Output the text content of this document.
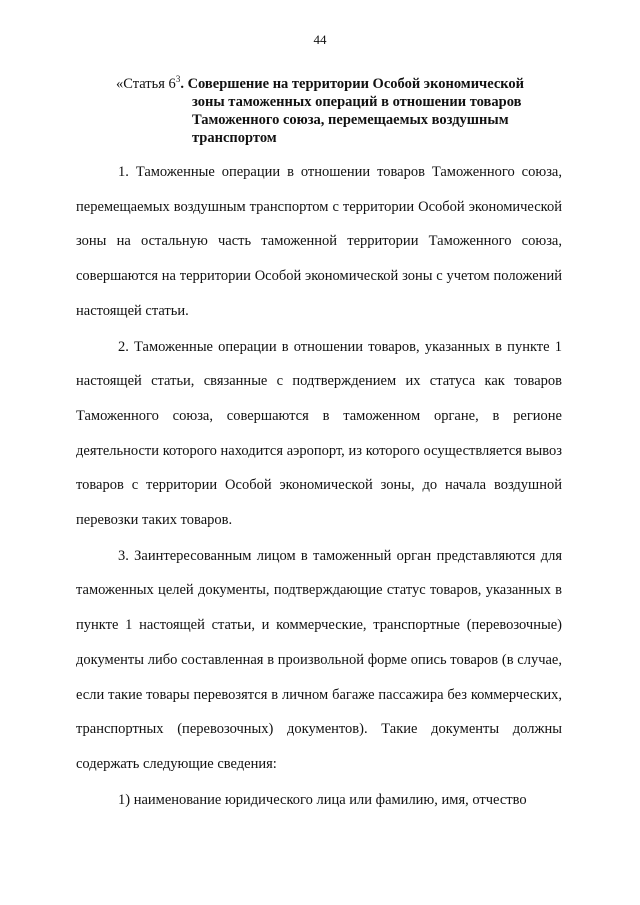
44
«Статья $6^3$. Совершение на территории Особой экономической
зоны таможенных операций в отношении товаров
Таможенного союза, перемещаемых воздушным
транспортом

1. Таможенные операции в отношении товаров Таможенного союза, перемещаемых воздушным транспортом с территории Особой экономической зоны на остальную часть таможенной территории Таможенного союза, совершаются на территории Особой экономической зоны с учетом положений настоящей статьи.

2. Таможенные операции в отношении товаров, указанных в пункте 1 настоящей статьи, связанные с подтверждением их статуса как товаров Таможенного союза, совершаются в таможенном органе, в регионе деятельности которого находится аэропорт, из которого осуществляется вывоз товаров с территории Особой экономической зоны, до начала воздушной перевозки таких товаров.

3. Заинтересованным лицом в таможенный орган представляются для таможенных целей документы, подтверждающие статус товаров, указанных в пункте 1 настоящей статьи, и коммерческие, транспортные (перевозочные) документы либо составленная в произвольной форме опись товаров (в случае, если такие товары перевозятся в личном багаже пассажира без коммерческих, транспортных (перевозочных) документов). Такие документы должны содержать следующие сведения:

1) наименование юридического лица или фамилию, имя, отчество
